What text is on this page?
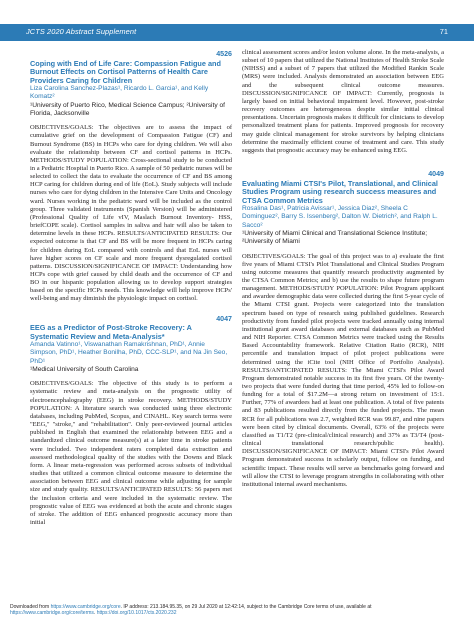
JCTS 2020 Abstract Supplement	71
4526
Coping with End of Life Care: Compassion Fatigue and Burnout Effects on Cortisol Patterns of Health Care Providers Caring for Children
Liza Carolina Sanchez-Plazas¹, Ricardo L. Garcia¹, and Kelly Komatz²
¹University of Puerto Rico, Medical Science Campus; ²University of Florida, Jacksonville

OBJECTIVES/GOALS: The objectives are to assess the impact of cumulative grief on the development of Compassion Fatigue (CF) and Burnout Syndrome (BS) in HCPs who care for dying children. We will also evaluate the relationship between CF and cortisol patterns in HCPs. METHODS/STUDY POPULATION: Cross-sectional study to be conducted in a Pediatric Hospital in Puerto Rico. A sample of 50 pediatric nurses will be selected to collect the data to evaluate the occurrence of CF and BS among HCP caring for children during end of life (EoL). Study subjects will include nurses who care for dying children in the Intensive Care Units and Oncology ward. Nurses working in the pediatric ward will be included as the control group. Three validated instruments (Spanish Version) will be administered (Professional Quality of Life vIV, Maslach Burnout Inventory- HSS, briefCOPE scale). Cortisol samples in saliva and hair will also be taken to determine levels in these HCPs. RESULTS/ANTICIPATED RESULTS: Our expected outcome is that CF and BS will be more frequent in HCPs caring for children during EoL compared with controls and that EoL nurses will have higher scores on CF scale and more frequent dysregulated cortisol patterns. DISCUSSION/SIGNIFICANCE OF IMPACT: Understanding how HCPs cope with grief caused by child death and the occurrence of CF and BO in our hispanic population allowing us to develop support strategies based on the specific HCPs needs. This knowledge will help improve HCPs' well-being and may diminish the physiologic impact on cortisol.

4047
EEG as a Predictor of Post-Stroke Recovery: A Systematic Review and Meta-Analysis*
Amanda Vatinno¹, Viswanathan Ramakrishnan, PhD¹, Annie Simpson, PhD¹, Heather Bonilha, PhD, CCC-SLP¹, and Na Jin Seo, PhD¹
¹Medical University of South Carolina

OBJECTIVES/GOALS: The objective of this study is to perform a systematic review and meta-analysis on the prognostic utility of electroencephalography (EEG) in stroke recovery. METHODS/STUDY POPULATION: A literature search was conducted using three electronic databases, including PubMed, Scopus, and CINAHL. Key search terms were "EEG," "stroke," and "rehabilitation". Only peer-reviewed journal articles published in English that examined the relationship between EEG and a standardized clinical outcome measure(s) at a later time in stroke patients were included. Two independent raters completed data extraction and assessed methodological quality of the studies with the Downs and Black form. A linear meta-regression was performed across subsets of individual studies that utilized a common clinical outcome measure to determine the association between EEG and clinical outcome while adjusting for sample size and study quality. RESULTS/ANTICIPATED RESULTS: 56 papers met the inclusion criteria and were included in the systematic review. The prognostic value of EEG was evidenced at both the acute and chronic stages of stroke. The addition of EEG enhanced prognostic accuracy more than initial

clinical assessment scores and/or lesion volume alone. In the meta-analysis, a subset of 10 papers that utilized the National Institutes of Health Stroke Scale (NIHSS) and a subset of 7 papers that utilized the Modified Rankin Scale (MRS) were included. Analysis demonstrated an association between EEG and the subsequent clinical outcome measures. DISCUSSION/SIGNIFICANCE OF IMPACT: Currently, prognosis is largely based on initial behavioral impairment level. However, post-stroke recovery outcomes are heterogeneous despite similar initial clinical presentations. Uncertain prognosis makes it difficult for clinicians to develop personalized treatment plans for patients. Improved prognosis for recovery may guide clinical management for stroke survivors by helping clinicians determine the maximally efficient course of treatment and care. This study suggests that prognostic accuracy may be enhanced using EEG.

4049
Evaluating Miami CTSI's Pilot, Translational, and Clinical Studies Program using research success measures and CTSA Common Metrics
Rosalina Das¹, Patricia Avissar¹, Jessica Diaz², Sheela C Dominguez², Barry S. Issenberg², Dalton W. Dietrich², and Ralph L. Sacco²
¹University of Miami Clinical and Translational Science Institute; ²University of Miami

OBJECTIVES/GOALS: The goal of this project was to a) evaluate the first five years of Miami CTSI's Pilot Translational and Clinical Studies Program using outcome measures that quantify research productivity augmented by the CTSA Common Metrics; and b) use the results to shape future program management. METHODS/STUDY POPULATION: Pilot Program applicant and awardee demographic data were collected during the first 5-year cycle of the Miami CTSI grant. Projects were categorized into the translation spectrum based on type of research using published guidelines. Research productivity from funded pilot projects were tracked annually using internal institutional grant award databases and external databases such as PubMed and NIH Reporter. CTSA Common Metrics were tracked using the Results Based Accountability framework. Relative Citation Ratio (RCR), NIH percentile and translation impact of pilot project publications were determined using the iCite tool (NIH Office of Portfolio Analysis). RESULTS/ANTICIPATED RESULTS: The Miami CTSI's Pilot Award Program demonstrated notable success in its first five years. Of the twenty-two projects that were funded during that time period, 45% led to follow-on funding for a total of $17.2M—a strong return on investment of 15:1. Further, 77% of awardees had at least one publication. A total of five patents and 83 publications resulted directly from the funded projects. The mean RCR for all publications was 2.7, weighted RCR was 99.87, and nine papers were been cited by clinical documents. Overall, 63% of the projects were classified as T1/T2 (pre-clinical/clinical research) and 37% as T3/T4 (post-clinical translational research/public health). DISCUSSION/SIGNIFICANCE OF IMPACT: Miami CTSI's Pilot Award Program demonstrated success in scholarly output, follow on funding, and scientific impact. These results will serve as benchmarks going forward and will allow the CTSI to leverage program strengths in collaborating with other institutional internal award mechanisms.

Downloaded from https://www.cambridge.org/core. IP address: 213.184.95.35, on 29 Jul 2020 at 12:42:14, subject to the Cambridge Core terms of use, available at
https://www.cambridge.org/core/terms. https://doi.org/10.1017/cts.2020.232
